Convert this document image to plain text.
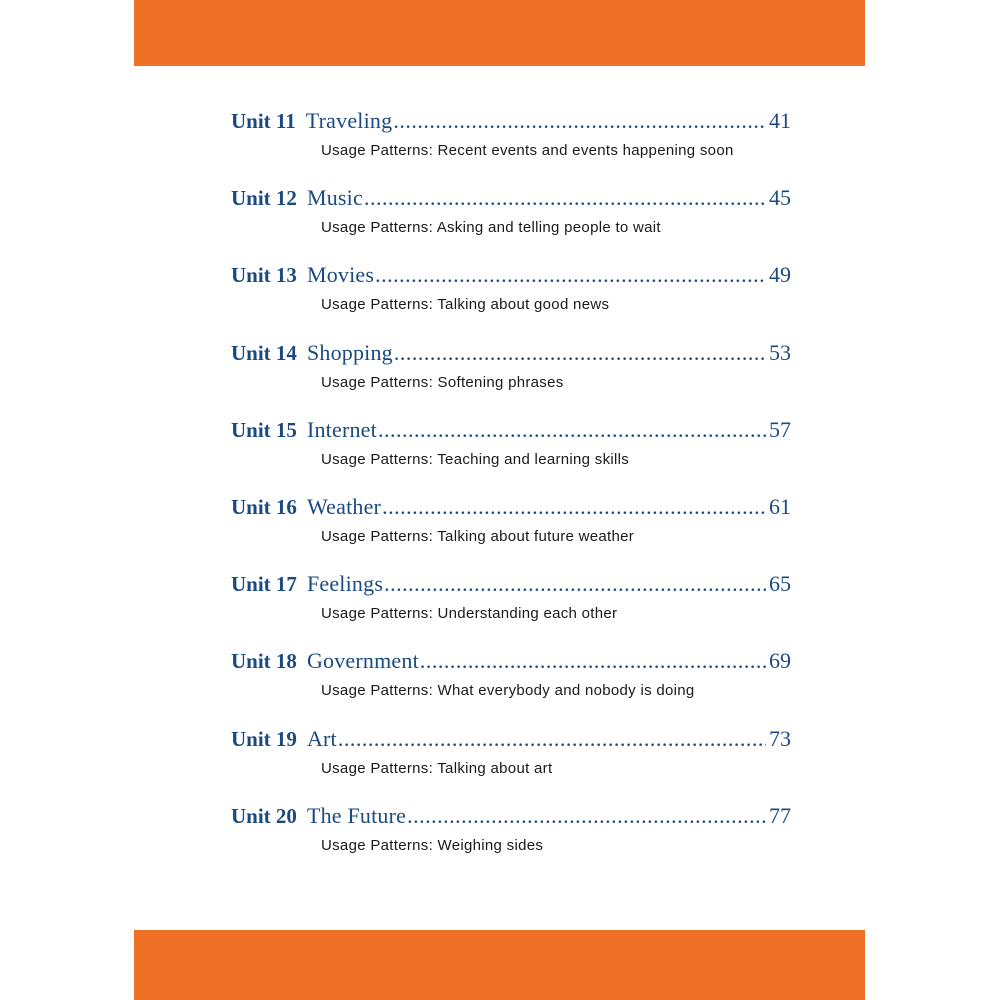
Unit 11 Traveling .....	41
Usage Patterns: Recent events and events happening soon
Unit 12 Music .....	45
Usage Patterns: Asking and telling people to wait
Unit 13 Movies .....	49
Usage Patterns: Talking about good news
Unit 14 Shopping .....	53
Usage Patterns: Softening phrases
Unit 15 Internet .....	57
Usage Patterns: Teaching and learning skills
Unit 16 Weather .....	61
Usage Patterns: Talking about future weather
Unit 17 Feelings .....	65
Usage Patterns: Understanding each other
Unit 18 Government .....	69
Usage Patterns: What everybody and nobody is doing
Unit 19 Art .....	73
Usage Patterns: Talking about art
Unit 20 The Future .....	77
Usage Patterns: Weighing sides
